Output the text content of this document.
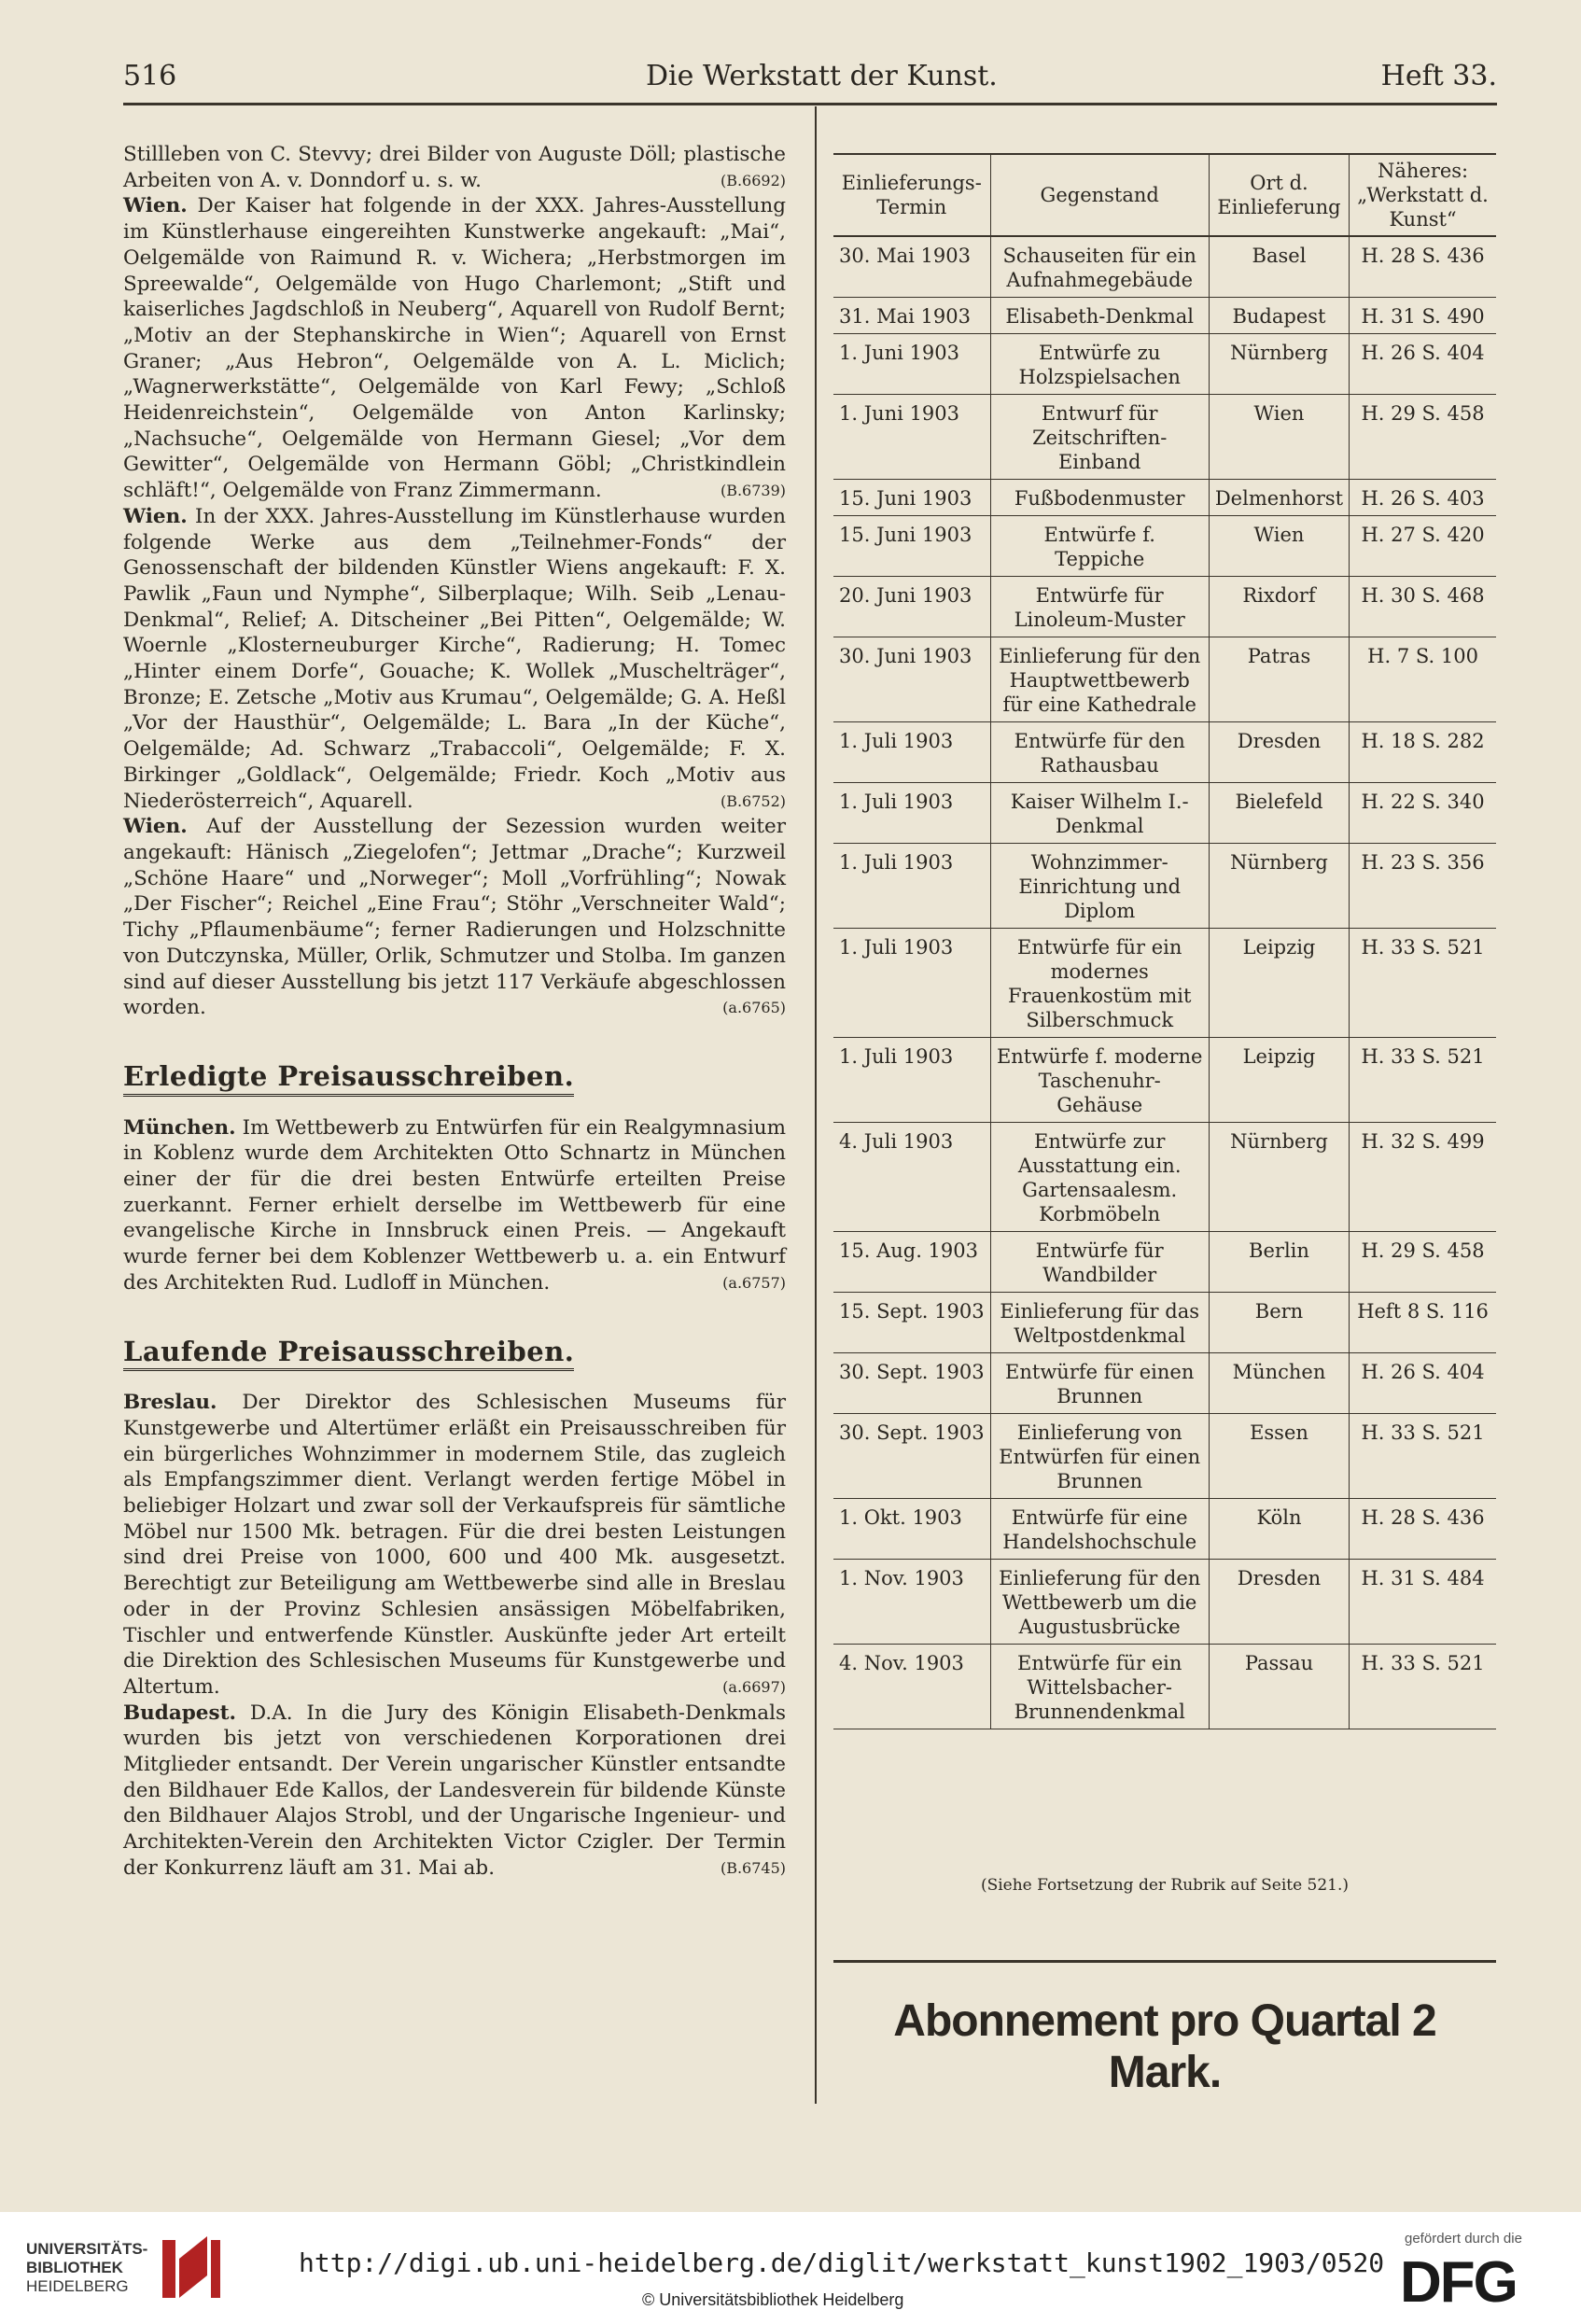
516	Die Werkstatt der Kunst.	Heft 33.

Stillleben von C. Stevvy; drei Bilder von Auguste Döll; plastische Arbeiten von A. v. Donndorf u. s. w.	(B.6692)

Wien. Der Kaiser hat folgende in der XXX. Jahres-Ausstellung im Künstlerhause eingereihten Kunstwerke angekauft: „Mai“, Oelgemälde von Raimund R. v. Wichera; „Herbstmorgen im Spreewalde“, Oelgemälde von Hugo Charlemont; „Stift und kaiserliches Jagdschloß in Neuberg“, Aquarell von Rudolf Bernt; „Motiv an der Stephanskirche in Wien“; Aquarell von Ernst Graner; „Aus Hebron“, Oelgemälde von A. L. Miclich; „Wagnerwerkstätte“, Oelgemälde von Karl Fewy; „Schloß Heidenreichstein“, Oelgemälde von Anton Karlinsky; „Nachsuche“, Oelgemälde von Hermann Giesel; „Vor dem Gewitter“, Oelgemälde von Hermann Göbl; „Christkindlein schläft!“, Oelgemälde von Franz Zimmermann.	(B.6739)

Wien. In der XXX. Jahres-Ausstellung im Künstlerhause wurden folgende Werke aus dem „Teilnehmer-Fonds“ der Genossenschaft der bildenden Künstler Wiens angekauft: F. X. Pawlik „Faun und Nymphe“, Silberplaque; Wilh. Seib „Lenau-Denkmal“, Relief; A. Ditscheiner „Bei Pitten“, Oelgemälde; W. Woernle „Klosterneuburger Kirche“, Radierung; H. Tomec „Hinter einem Dorfe“, Gouache; K. Wollek „Muschelträger“, Bronze; E. Zetsche „Motiv aus Krumau“, Oelgemälde; G. A. Heßl „Vor der Hausthür“, Oelgemälde; L. Bara „In der Küche“, Oelgemälde; Ad. Schwarz „Trabaccoli“, Oelgemälde; F. X. Birkinger „Goldlack“, Oelgemälde; Friedr. Koch „Motiv aus Niederösterreich“, Aquarell.	(B.6752)

Wien. Auf der Ausstellung der Sezession wurden weiter angekauft: Hänisch „Ziegelofen“; Jettmar „Drache“; Kurzweil „Schöne Haare“ und „Norweger“; Moll „Vorfrühling“; Nowak „Der Fischer“; Reichel „Eine Frau“; Stöhr „Verschneiter Wald“; Tichy „Pflaumenbäume“; ferner Radierungen und Holzschnitte von Dutczynska, Müller, Orlik, Schmutzer und Stolba. Im ganzen sind auf dieser Ausstellung bis jetzt 117 Verkäufe abgeschlossen worden.	(a.6765)

Erledigte Preisausschreiben.

München. Im Wettbewerb zu Entwürfen für ein Realgymnasium in Koblenz wurde dem Architekten Otto Schnartz in München einer der für die drei besten Entwürfe erteilten Preise zuerkannt. Ferner erhielt derselbe im Wettbewerb für eine evangelische Kirche in Innsbruck einen Preis. — Angekauft wurde ferner bei dem Koblenzer Wettbewerb u. a. ein Entwurf des Architekten Rud. Ludloff in München.	(a.6757)

Laufende Preisausschreiben.

Breslau. Der Direktor des Schlesischen Museums für Kunstgewerbe und Altertümer erläßt ein Preisausschreiben für ein bürgerliches Wohnzimmer in modernem Stile, das zugleich als Empfangszimmer dient. Verlangt werden fertige Möbel in beliebiger Holzart und zwar soll der Verkaufspreis für sämtliche Möbel nur 1500 Mk. betragen. Für die drei besten Leistungen sind drei Preise von 1000, 600 und 400 Mk. ausgesetzt. Berechtigt zur Beteiligung am Wettbewerbe sind alle in Breslau oder in der Provinz Schlesien ansässigen Möbelfabriken, Tischler und entwerfende Künstler. Auskünfte jeder Art erteilt die Direktion des Schlesischen Museums für Kunstgewerbe und Altertum.	(a.6697)

Budapest. D.A. In die Jury des Königin Elisabeth-Denkmals wurden bis jetzt von verschiedenen Korporationen drei Mitglieder entsandt. Der Verein ungarischer Künstler entsandte den Bildhauer Ede Kallos, der Landesverein für bildende Künste den Bildhauer Alajos Strobl, und der Ungarische Ingenieur- und Architekten-Verein den Architekten Victor Czigler. Der Termin der Konkurrenz läuft am 31. Mai ab.	(B.6745)

Einlieferungs-Termin	Gegenstand	Ort d. Einlieferung	Näheres: „Werkstatt d. Kunst“
30. Mai 1903	Schauseiten für ein Aufnahmegebäude	Basel	H. 28 S. 436
31. Mai 1903	Elisabeth-Denkmal	Budapest	H. 31 S. 490
1. Juni 1903	Entwürfe zu Holzspielsachen	Nürnberg	H. 26 S. 404
1. Juni 1903	Entwurf für Zeitschriften-Einband	Wien	H. 29 S. 458
15. Juni 1903	Fußbodenmuster	Delmenhorst	H. 26 S. 403
15. Juni 1903	Entwürfe f. Teppiche	Wien	H. 27 S. 420
20. Juni 1903	Entwürfe für Linoleum-Muster	Rixdorf	H. 30 S. 468
30. Juni 1903	Einlieferung für den Hauptwettbewerb für eine Kathedrale	Patras	H. 7 S. 100
1. Juli 1903	Entwürfe für den Rathausbau	Dresden	H. 18 S. 282
1. Juli 1903	Kaiser Wilhelm I.-Denkmal	Bielefeld	H. 22 S. 340
1. Juli 1903	Wohnzimmer-Einrichtung und Diplom	Nürnberg	H. 23 S. 356
1. Juli 1903	Entwürfe für ein modernes Frauenkostüm mit Silberschmuck	Leipzig	H. 33 S. 521
1. Juli 1903	Entwürfe f. moderne Taschenuhr-Gehäuse	Leipzig	H. 33 S. 521
4. Juli 1903	Entwürfe zur Ausstattung ein. Gartensaalesm. Korbmöbeln	Nürnberg	H. 32 S. 499
15. Aug. 1903	Entwürfe für Wandbilder	Berlin	H. 29 S. 458
15. Sept. 1903	Einlieferung für das Weltpostdenkmal	Bern	Heft 8 S. 116
30. Sept. 1903	Entwürfe für einen Brunnen	München	H. 26 S. 404
30. Sept. 1903	Einlieferung von Entwürfen für einen Brunnen	Essen	H. 33 S. 521
1. Okt. 1903	Entwürfe für eine Handelshochschule	Köln	H. 28 S. 436
1. Nov. 1903	Einlieferung für den Wettbewerb um die Augustusbrücke	Dresden	H. 31 S. 484
4. Nov. 1903	Entwürfe für ein Wittelsbacher-Brunnendenkmal	Passau	H. 33 S. 521
(Siehe Fortsetzung der Rubrik auf Seite 521.)
Abonnement pro Quartal 2 Mark.
UNIVERSITÄTS-
BIBLIOTHEK
HEIDELBERG
http://digi.ub.uni-heidelberg.de/diglit/werkstatt_kunst1902_1903/0520
© Universitätsbibliothek Heidelberg
gefördert durch die
DFG
